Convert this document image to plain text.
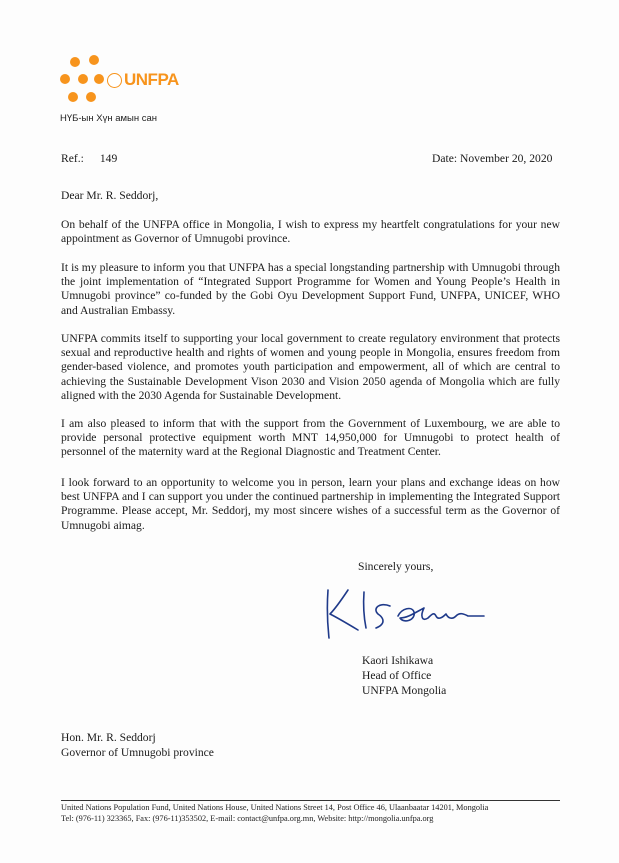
UNFPA
НҮБ-ын Хүн амын сан
Ref.: 149	Date: November 20, 2020
Dear Mr. R. Seddorj,

On behalf of the UNFPA office in Mongolia, I wish to express my heartfelt congratulations for your new appointment as Governor of Umnugobi province.

It is my pleasure to inform you that UNFPA has a special longstanding partnership with Umnugobi through the joint implementation of “Integrated Support Programme for Women and Young People’s Health in Umnugobi province” co-funded by the Gobi Oyu Development Support Fund, UNFPA, UNICEF, WHO and Australian Embassy.

UNFPA commits itself to supporting your local government to create regulatory environment that protects sexual and reproductive health and rights of women and young people in Mongolia, ensures freedom from gender-based violence, and promotes youth participation and empowerment, all of which are central to achieving the Sustainable Development Vison 2030 and Vision 2050 agenda of Mongolia which are fully aligned with the 2030 Agenda for Sustainable Development.

I am also pleased to inform that with the support from the Government of Luxembourg, we are able to provide personal protective equipment worth MNT 14,950,000 for Umnugobi to protect health of personnel of the maternity ward at the Regional Diagnostic and Treatment Center.

I look forward to an opportunity to welcome you in person, learn your plans and exchange ideas on how best UNFPA and I can support you under the continued partnership in implementing the Integrated Support Programme. Please accept, Mr. Seddorj, my most sincere wishes of a successful term as the Governor of Umnugobi aimag.

Sincerely yours,
Kaori Ishikawa
Head of Office
UNFPA Mongolia
Hon. Mr. R. Seddorj
Governor of Umnugobi province
United Nations Population Fund, United Nations House, United Nations Street 14, Post Office 46, Ulaanbaatar 14201, Mongolia
Tel: (976-11) 323365, Fax: (976-11)353502, E-mail: contact@unfpa.org.mn, Website: http://mongolia.unfpa.org
